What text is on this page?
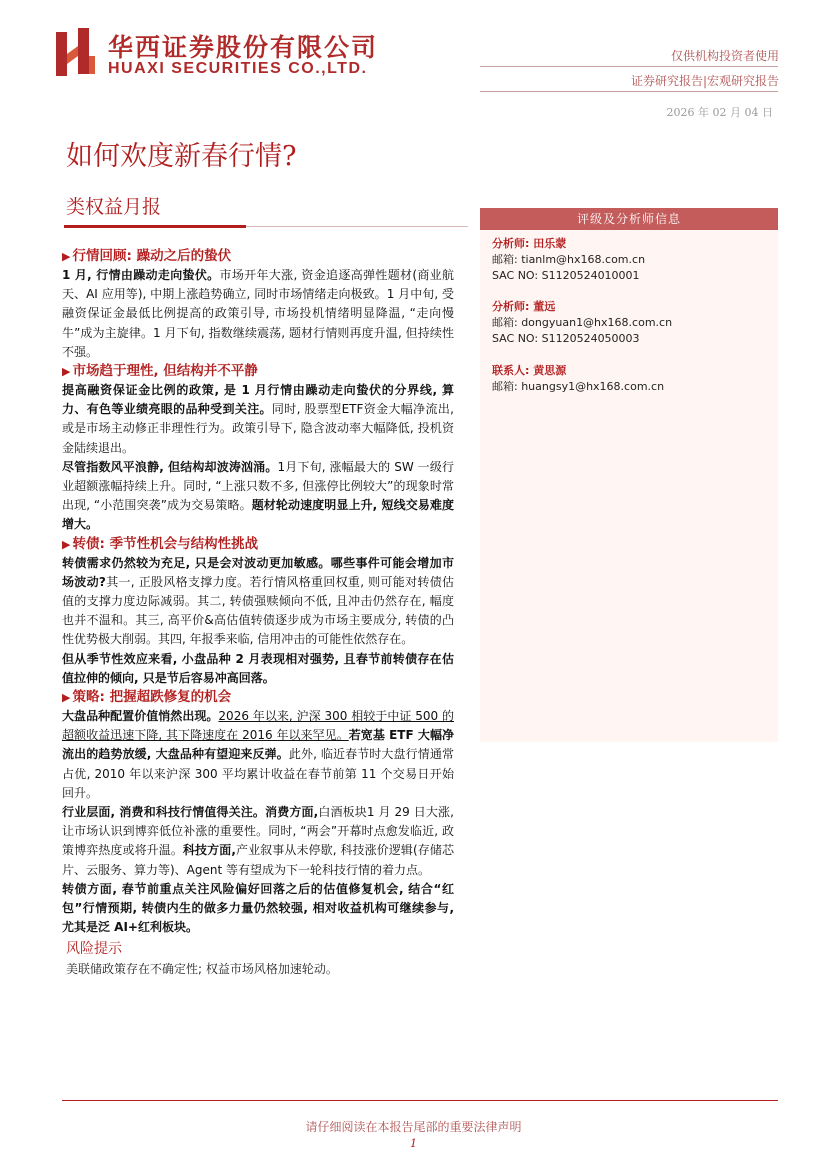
华西证券股份有限公司
HUAXI SECURITIES CO.,LTD.
仅供机构投资者使用
证券研究报告|宏观研究报告
2026 年 02 月 04 日
如何欢度新春行情?
类权益月报

▶ 行情回顾: 躁动之后的蛰伏

1 月, 行情由躁动走向蛰伏。市场开年大涨, 资金追逐高弹性题材(商业航天、AI 应用等), 中期上涨趋势确立, 同时市场情绪走向极致。1 月中旬, 受融资保证金最低比例提高的政策引导, 市场投机情绪明显降温, “走向慢牛”成为主旋律。1 月下旬, 指数继续震荡, 题材行情则再度升温, 但持续性不强。

▶ 市场趋于理性, 但结构并不平静

提高融资保证金比例的政策, 是 1 月行情由躁动走向蛰伏的分界线, 算力、有色等业绩亮眼的品种受到关注。同时, 股票型ETF资金大幅净流出, 或是市场主动修正非理性行为。政策引导下, 隐含波动率大幅降低, 投机资金陆续退出。

尽管指数风平浪静, 但结构却波涛汹涌。1月下旬, 涨幅最大的 SW 一级行业超额涨幅持续上升。同时, “上涨只数不多, 但涨停比例较大”的现象时常出现, “小范围突袭”成为交易策略。题材轮动速度明显上升, 短线交易难度增大。

▶ 转债: 季节性机会与结构性挑战

转债需求仍然较为充足, 只是会对波动更加敏感。哪些事件可能会增加市场波动?其一, 正股风格支撑力度。若行情风格重回权重, 则可能对转债估值的支撑力度边际减弱。其二, 转债强赎倾向不低, 且冲击仍然存在, 幅度也并不温和。其三, 高平价&高估值转债逐步成为市场主要成分, 转债的凸性优势极大削弱。其四, 年报季来临, 信用冲击的可能性依然存在。

但从季节性效应来看, 小盘品种 2 月表现相对强势, 且春节前转债存在估值拉伸的倾向, 只是节后容易冲高回落。

▶ 策略: 把握超跌修复的机会

大盘品种配置价值悄然出现。2026 年以来, 沪深 300 相较于中证 500 的超额收益迅速下降, 其下降速度在 2016 年以来罕见。若宽基 ETF 大幅净流出的趋势放缓, 大盘品种有望迎来反弹。此外, 临近春节时大盘行情通常占优, 2010 年以来沪深 300 平均累计收益在春节前第 11 个交易日开始回升。

行业层面, 消费和科技行情值得关注。消费方面,白酒板块1 月 29 日大涨, 让市场认识到博弈低位补涨的重要性。同时, “两会”开幕时点愈发临近, 政策博弈热度或将升温。科技方面,产业叙事从未停歇, 科技涨价逻辑(存储芯片、云服务、算力等)、Agent 等有望成为下一轮科技行情的着力点。

转债方面, 春节前重点关注风险偏好回落之后的估值修复机会, 结合“红包”行情预期, 转债内生的做多力量仍然较强, 相对收益机构可继续参与, 尤其是泛 AI+红利板块。

风险提示

美联储政策存在不确定性; 权益市场风格加速轮动。

评级及分析师信息
分析师: 田乐蒙
邮箱: tianlm@hx168.com.cn
SAC NO: S1120524010001
分析师: 董远
邮箱: dongyuan1@hx168.com.cn
SAC NO: S1120524050003
联系人: 黄思源
邮箱: huangsy1@hx168.com.cn
请仔细阅读在本报告尾部的重要法律声明
1
